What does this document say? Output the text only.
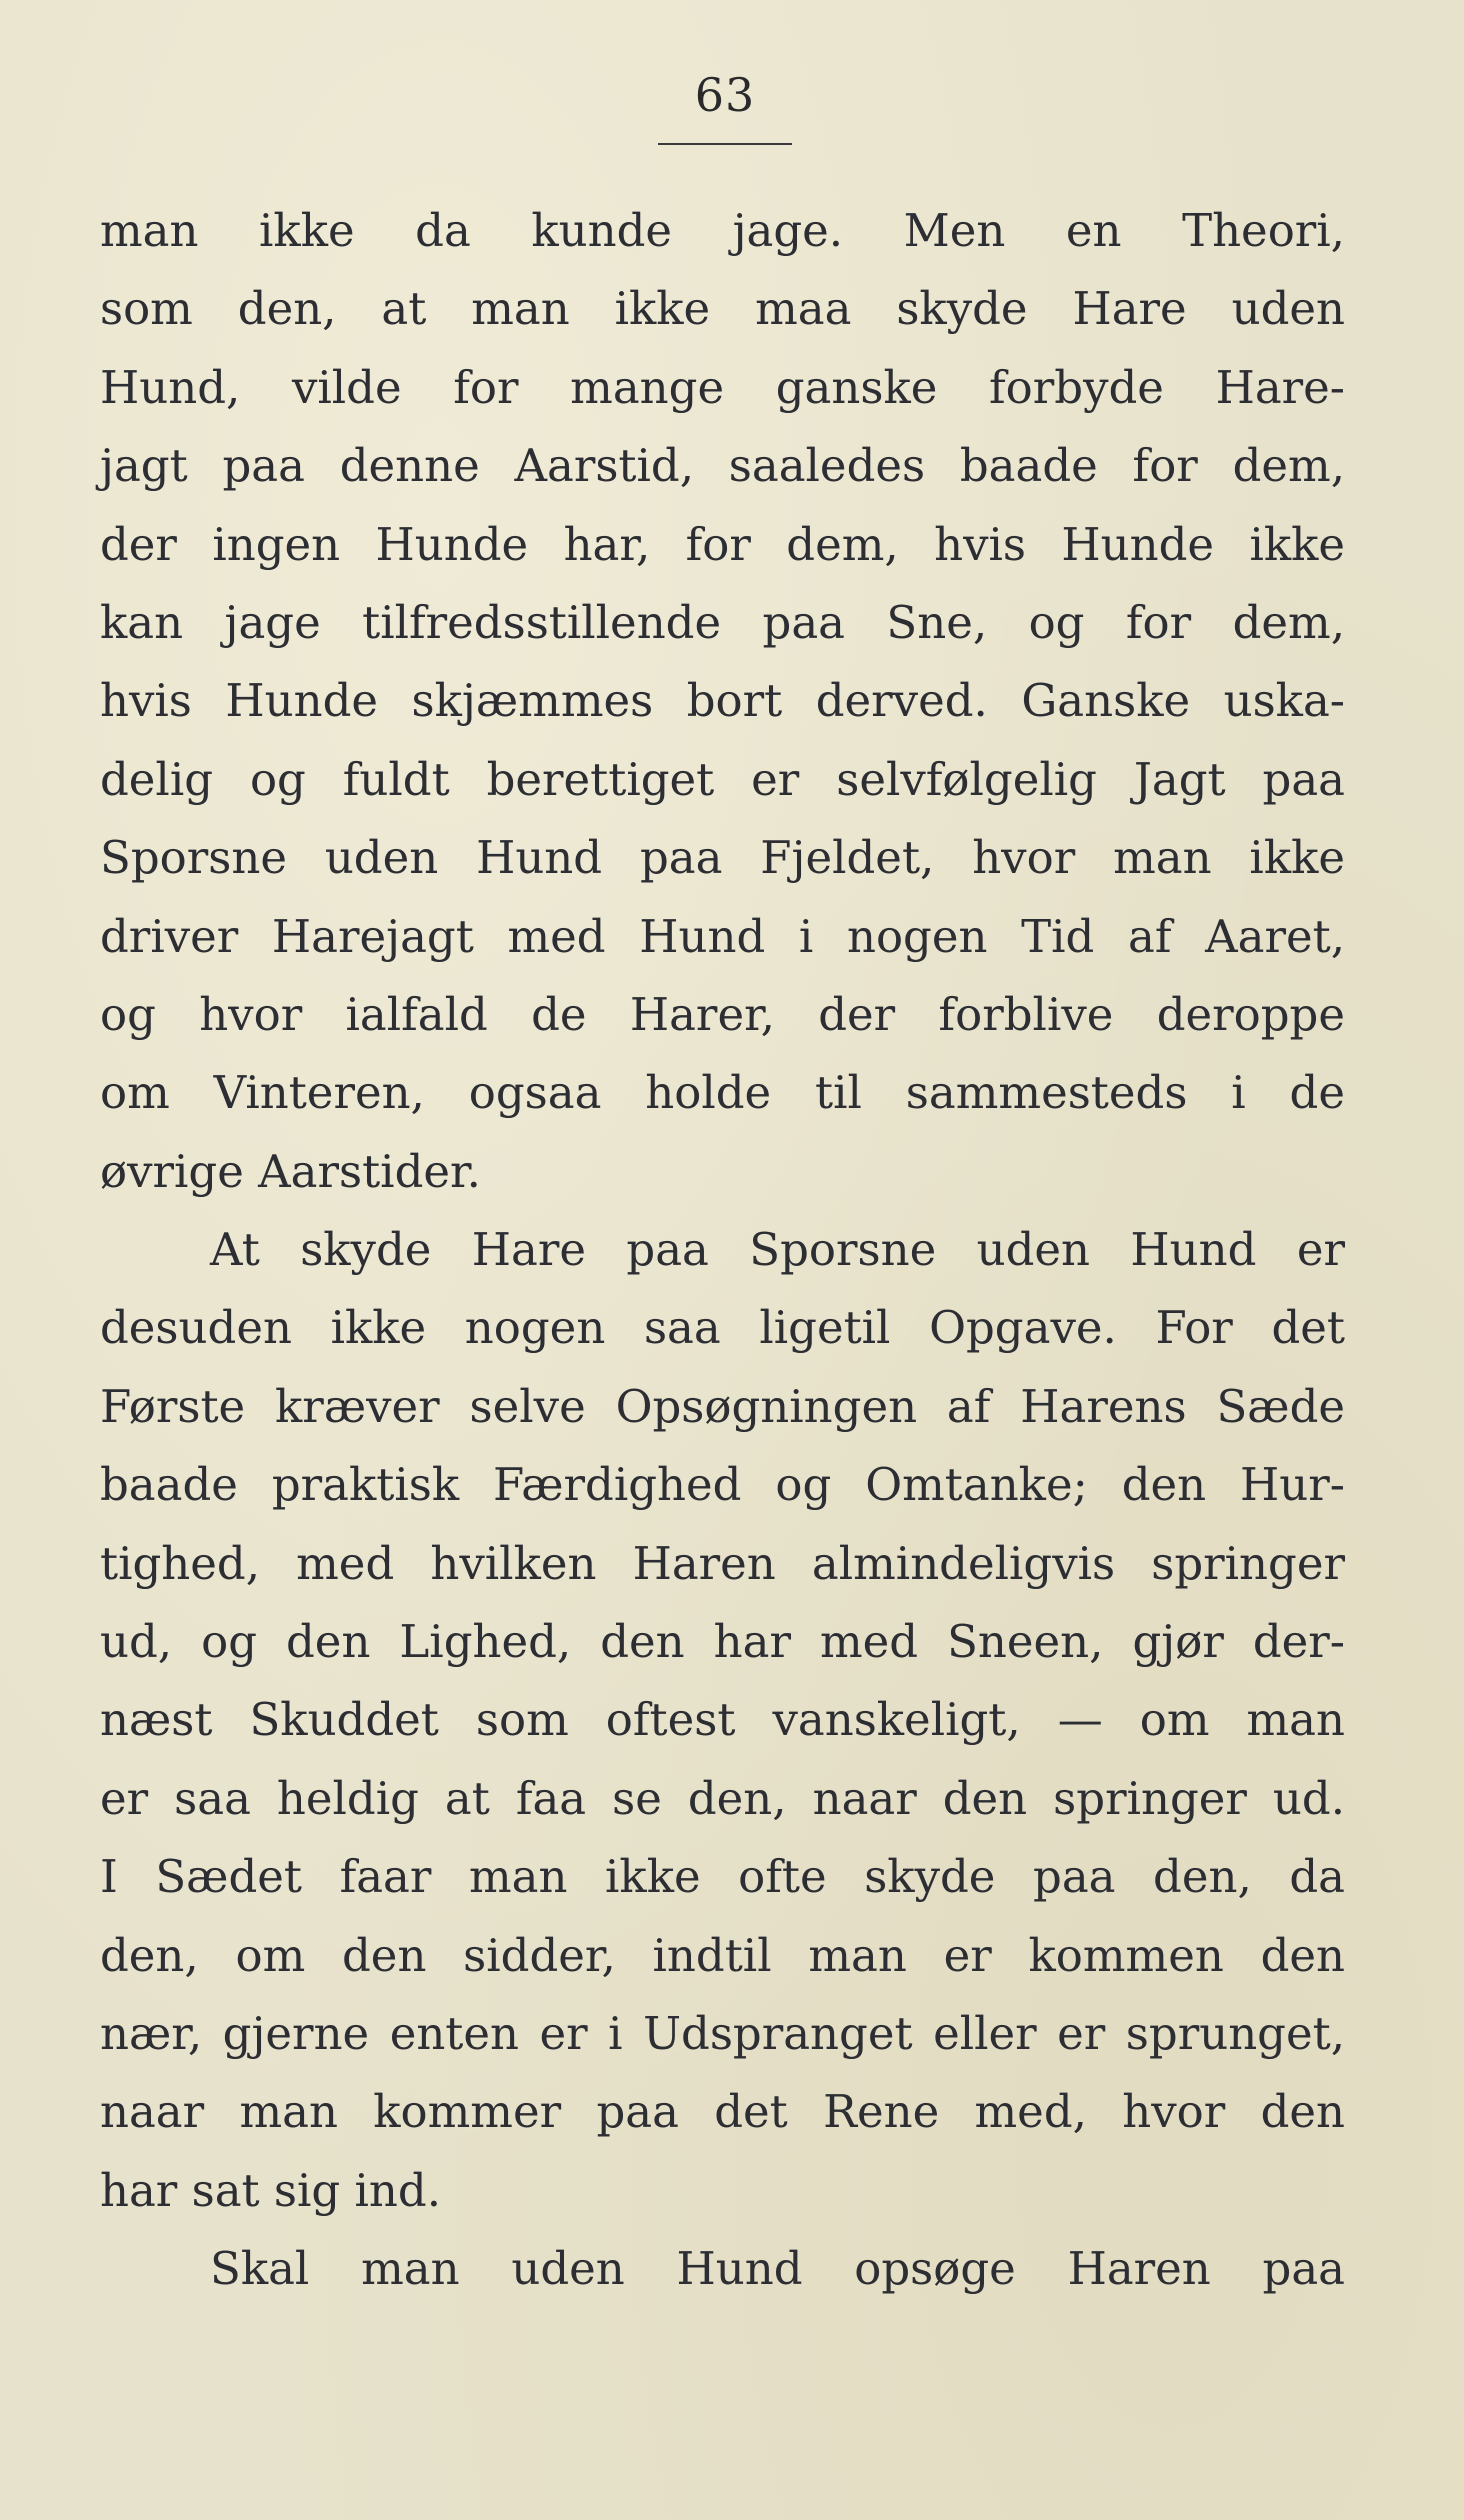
63
man ikke da kunde jage. Men en Theori,
som den, at man ikke maa skyde Hare uden
Hund, vilde for mange ganske forbyde Hare-
jagt paa denne Aarstid, saaledes baade for dem,
der ingen Hunde har, for dem, hvis Hunde ikke
kan jage tilfredsstillende paa Sne, og for dem,
hvis Hunde skjæmmes bort derved. Ganske uska-
delig og fuldt berettiget er selvfølgelig Jagt paa
Sporsne uden Hund paa Fjeldet, hvor man ikke
driver Harejagt med Hund i nogen Tid af Aaret,
og hvor ialfald de Harer, der forblive deroppe
om Vinteren, ogsaa holde til sammesteds i de
øvrige Aarstider.
At skyde Hare paa Sporsne uden Hund er
desuden ikke nogen saa ligetil Opgave. For det
Første kræver selve Opsøgningen af Harens Sæde
baade praktisk Færdighed og Omtanke; den Hur-
tighed, med hvilken Haren almindeligvis springer
ud, og den Lighed, den har med Sneen, gjør der-
næst Skuddet som oftest vanskeligt, — om man
er saa heldig at faa se den, naar den springer ud.
I Sædet faar man ikke ofte skyde paa den, da
den, om den sidder, indtil man er kommen den
nær, gjerne enten er i Udspranget eller er sprunget,
naar man kommer paa det Rene med, hvor den
har sat sig ind.
Skal man uden Hund opsøge Haren paa
